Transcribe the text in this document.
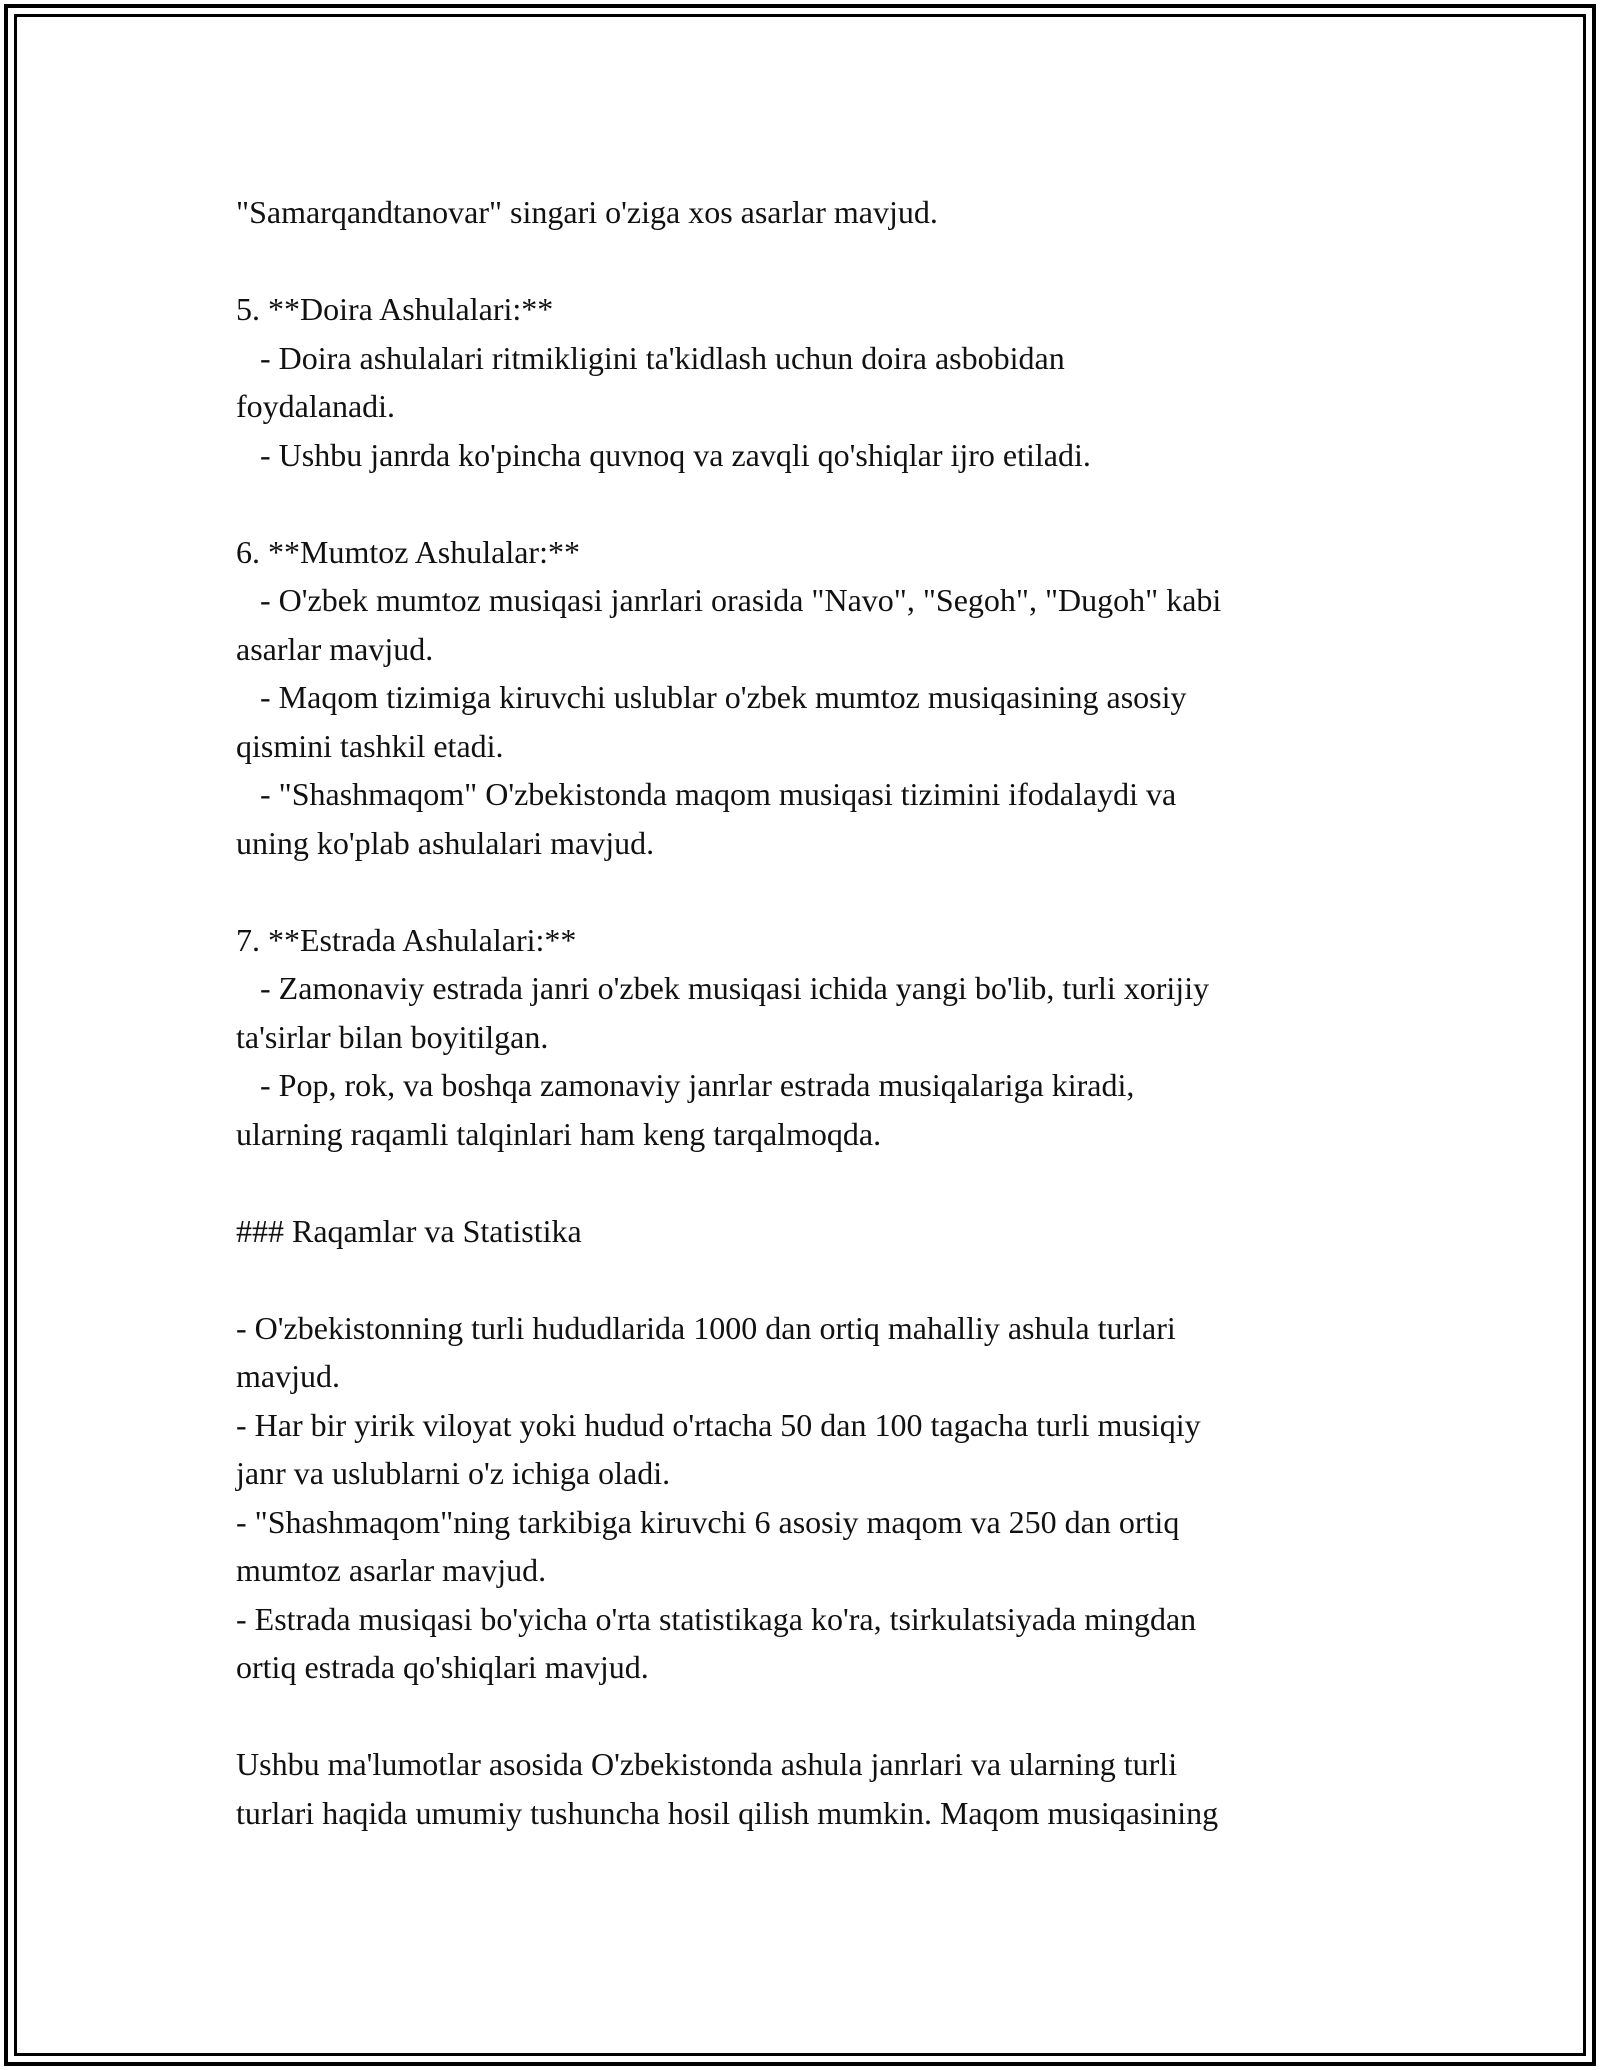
"Samarqandtanovar" singari o'ziga xos asarlar mavjud.
5. **Doira Ashulalari:**
- Doira ashulalari ritmikligini ta'kidlash uchun doira asbobidan
foydalanadi.
- Ushbu janrda ko'pincha quvnoq va zavqli qo'shiqlar ijro etiladi.
6. **Mumtoz Ashulalar:**
- O'zbek mumtoz musiqasi janrlari orasida "Navo", "Segoh", "Dugoh" kabi
asarlar mavjud.
- Maqom tizimiga kiruvchi uslublar o'zbek mumtoz musiqasining asosiy
qismini tashkil etadi.
- "Shashmaqom" O'zbekistonda maqom musiqasi tizimini ifodalaydi va
uning ko'plab ashulalari mavjud.
7. **Estrada Ashulalari:**
- Zamonaviy estrada janri o'zbek musiqasi ichida yangi bo'lib, turli xorijiy
ta'sirlar bilan boyitilgan.
- Pop, rok, va boshqa zamonaviy janrlar estrada musiqalariga kiradi,
ularning raqamli talqinlari ham keng tarqalmoqda.
### Raqamlar va Statistika
- O'zbekistonning turli hududlarida 1000 dan ortiq mahalliy ashula turlari
mavjud.
- Har bir yirik viloyat yoki hudud o'rtacha 50 dan 100 tagacha turli musiqiy
janr va uslublarni o'z ichiga oladi.
- "Shashmaqom"ning tarkibiga kiruvchi 6 asosiy maqom va 250 dan ortiq
mumtoz asarlar mavjud.
- Estrada musiqasi bo'yicha o'rta statistikaga ko'ra, tsirkulatsiyada mingdan
ortiq estrada qo'shiqlari mavjud.
Ushbu ma'lumotlar asosida O'zbekistonda ashula janrlari va ularning turli
turlari haqida umumiy tushuncha hosil qilish mumkin. Maqom musiqasining
